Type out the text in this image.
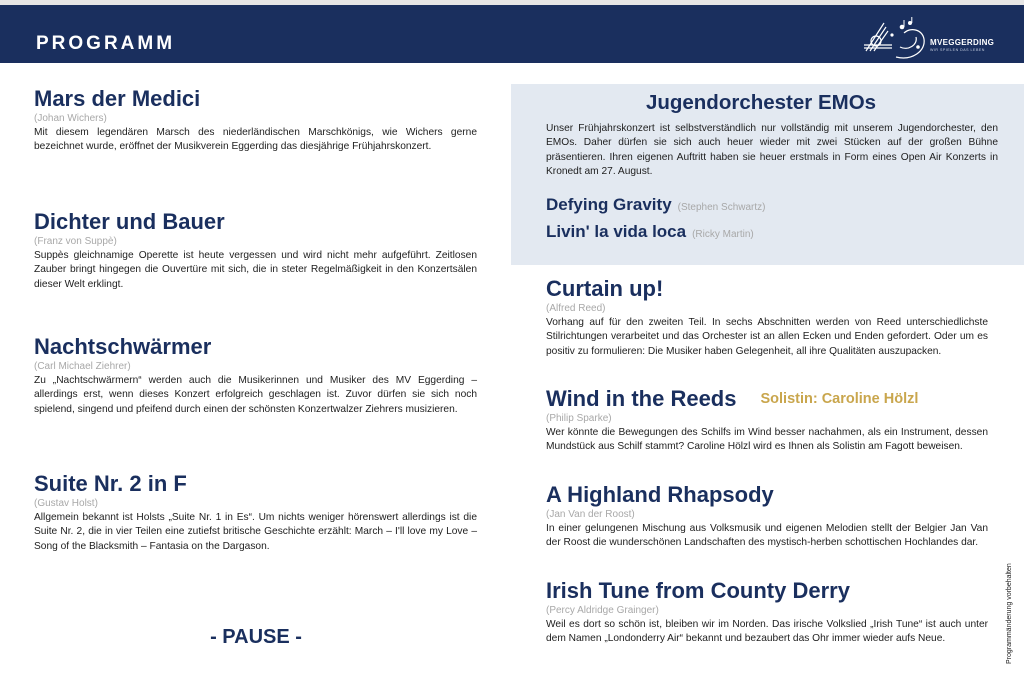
PROGRAMM	MVEGGERDING
WIR SPIELEN DAS LEBEN
Mars der Medici
(Johan Wichers)
Mit diesem legendären Marsch des niederländischen Marschkönigs, wie Wichers gerne bezeichnet wurde, eröffnet der Musikverein Eggerding das diesjährige Frühjahrskonzert.
Dichter und Bauer
(Franz von Suppè)
Suppès gleichnamige Operette ist heute vergessen und wird nicht mehr aufgeführt. Zeitlosen Zauber bringt hingegen die Ouvertüre mit sich, die in steter Regelmäßigkeit in den Konzertsälen dieser Welt erklingt.
Nachtschwärmer
(Carl Michael Ziehrer)
Zu „Nachtschwärmern“ werden auch die Musikerinnen und Musiker des MV Eggerding – allerdings erst, wenn dieses Konzert erfolgreich geschlagen ist. Zuvor dürfen sie sich noch spielend, singend und pfeifend durch einen der schönsten Konzertwalzer Ziehrers musizieren.
Suite Nr. 2 in F
(Gustav Holst)
Allgemein bekannt ist Holsts „Suite Nr. 1 in Es“. Um nichts weniger hörenswert allerdings ist die Suite Nr. 2, die in vier Teilen eine zutiefst britische Geschichte erzählt: March – I'll love my Love – Song of the Blacksmith – Fantasia on the Dargason.
- PAUSE -
Jugendorchester EMOs
Unser Frühjahrskonzert ist selbstverständlich nur vollständig mit unserem Jugendorchester, den EMOs. Daher dürfen sie sich auch heuer wieder mit zwei Stücken auf der großen Bühne präsentieren. Ihren eigenen Auftritt haben sie heuer erstmals in Form eines Open Air Konzerts in Kronedt am 27. August.
Defying Gravity (Stephen Schwartz)
Livin' la vida loca (Ricky Martin)
Curtain up!
(Alfred Reed)
Vorhang auf für den zweiten Teil. In sechs Abschnitten werden von Reed unterschiedlichste Stilrichtungen verarbeitet und das Orchester ist an allen Ecken und Enden gefordert. Oder um es positiv zu formulieren: Die Musiker haben Gelegenheit, all ihre Qualitäten auszupacken.
Wind in the Reeds Solistin: Caroline Hölzl
(Philip Sparke)
Wer könnte die Bewegungen des Schilfs im Wind besser nachahmen, als ein Instrument, dessen Mundstück aus Schilf stammt? Caroline Hölzl wird es Ihnen als Solistin am Fagott beweisen.
A Highland Rhapsody
(Jan Van der Roost)
In einer gelungenen Mischung aus Volksmusik und eigenen Melodien stellt der Belgier Jan Van der Roost die wunderschönen Landschaften des mystisch-herben schottischen Hochlandes dar.
Irish Tune from County Derry
(Percy Aldridge Grainger)
Weil es dort so schön ist, bleiben wir im Norden. Das irische Volkslied „Irish Tune“ ist auch unter dem Namen „Londonderry Air“ bekannt und bezaubert das Ohr immer wieder aufs Neue.	Programmänderung vorbehalten
